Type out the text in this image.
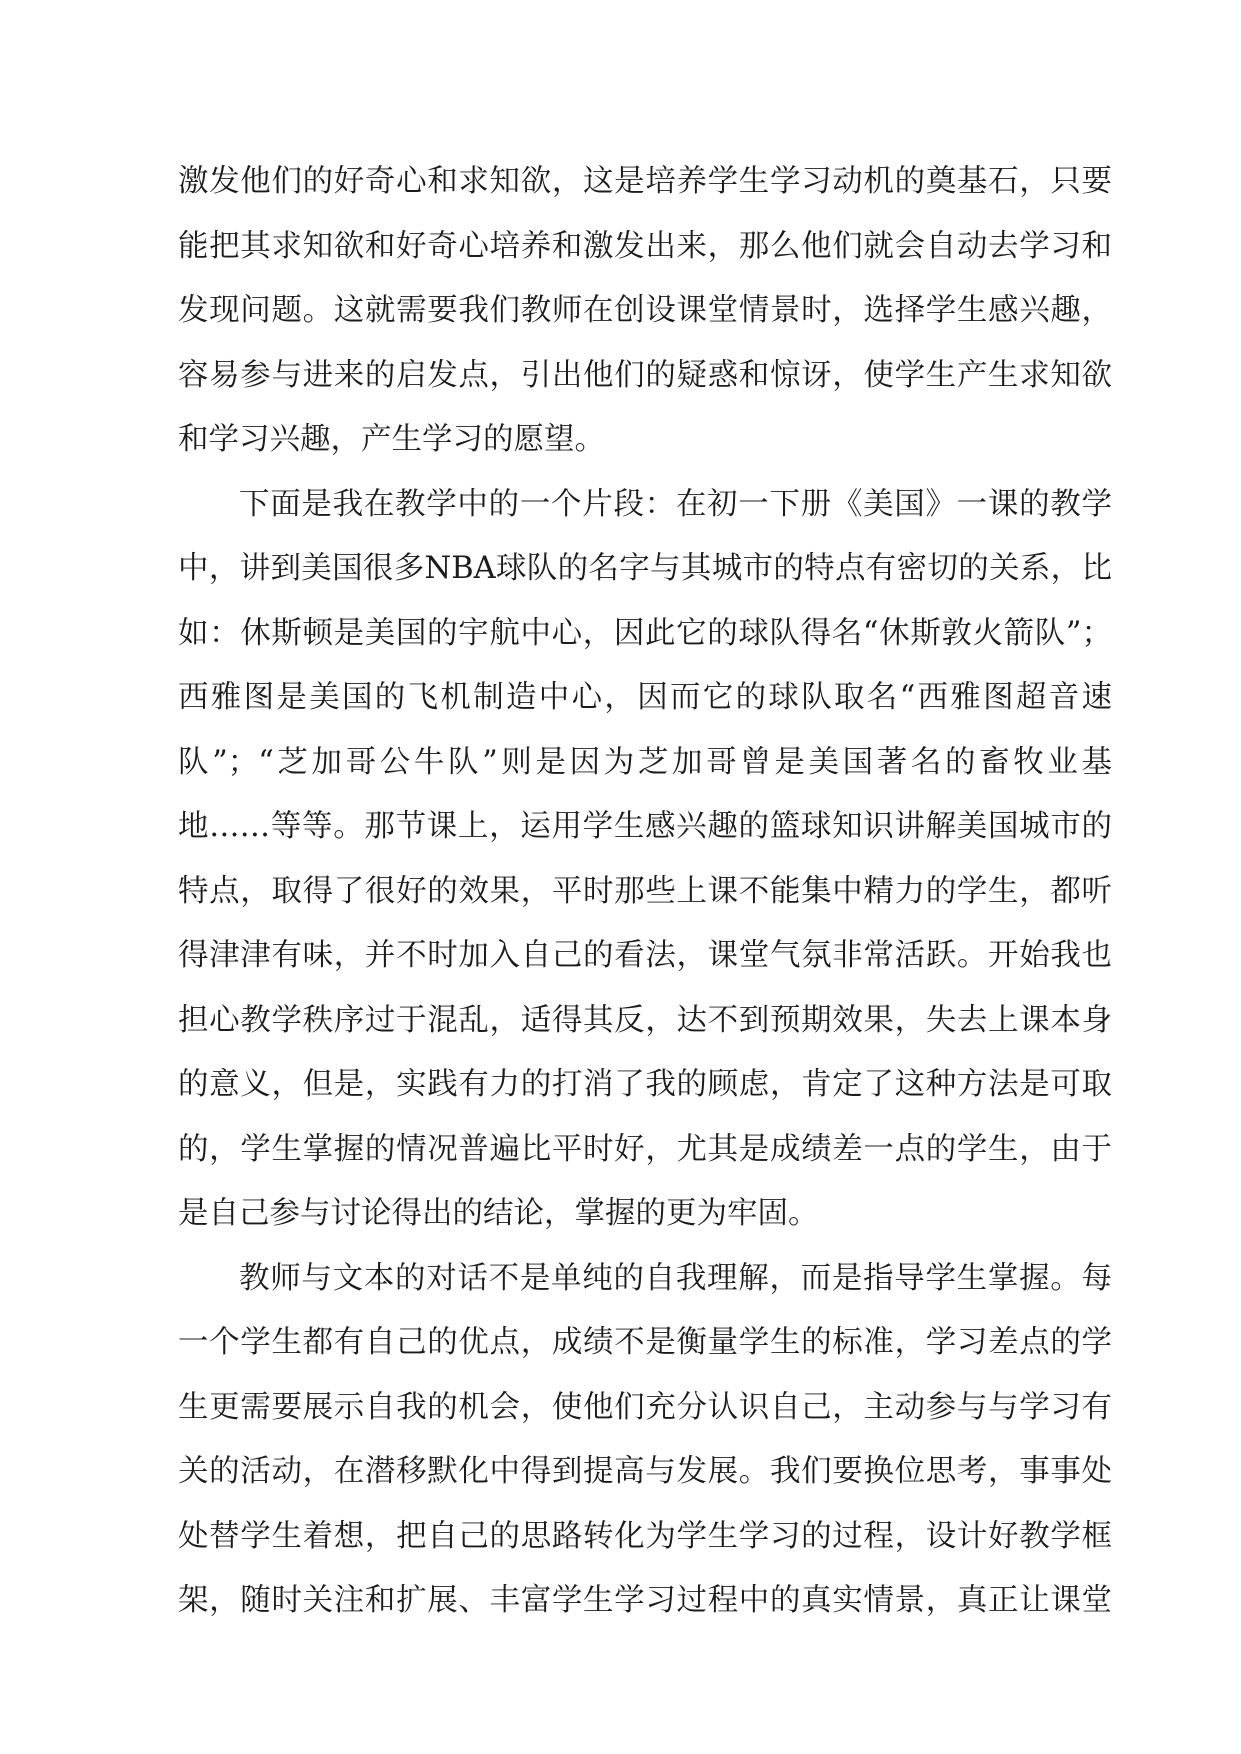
激发他们的好奇心和求知欲，这是培养学生学习动机的奠基石，只要
能把其求知欲和好奇心培养和激发出来，那么他们就会自动去学习和
发现问题。这就需要我们教师在创设课堂情景时，选择学生感兴趣，
容易参与进来的启发点，引出他们的疑惑和惊讶，使学生产生求知欲
和学习兴趣，产生学习的愿望。
下面是我在教学中的一个片段：在初一下册《美国》一课的教学
中，讲到美国很多NBA球队的名字与其城市的特点有密切的关系，比
如：休斯顿是美国的宇航中心，因此它的球队得名“休斯敦火箭队”；
西雅图是美国的飞机制造中心，因而它的球队取名“西雅图超音速
队”；“芝加哥公牛队”则是因为芝加哥曾是美国著名的畜牧业基
地……等等。那节课上，运用学生感兴趣的篮球知识讲解美国城市的
特点，取得了很好的效果，平时那些上课不能集中精力的学生，都听
得津津有味，并不时加入自己的看法，课堂气氛非常活跃。开始我也
担心教学秩序过于混乱，适得其反，达不到预期效果，失去上课本身
的意义，但是，实践有力的打消了我的顾虑，肯定了这种方法是可取
的，学生掌握的情况普遍比平时好，尤其是成绩差一点的学生，由于
是自己参与讨论得出的结论，掌握的更为牢固。
教师与文本的对话不是单纯的自我理解，而是指导学生掌握。每
一个学生都有自己的优点，成绩不是衡量学生的标准，学习差点的学
生更需要展示自我的机会，使他们充分认识自己，主动参与与学习有
关的活动，在潜移默化中得到提高与发展。我们要换位思考，事事处
处替学生着想，把自己的思路转化为学生学习的过程，设计好教学框
架，随时关注和扩展、丰富学生学习过程中的真实情景，真正让课堂
